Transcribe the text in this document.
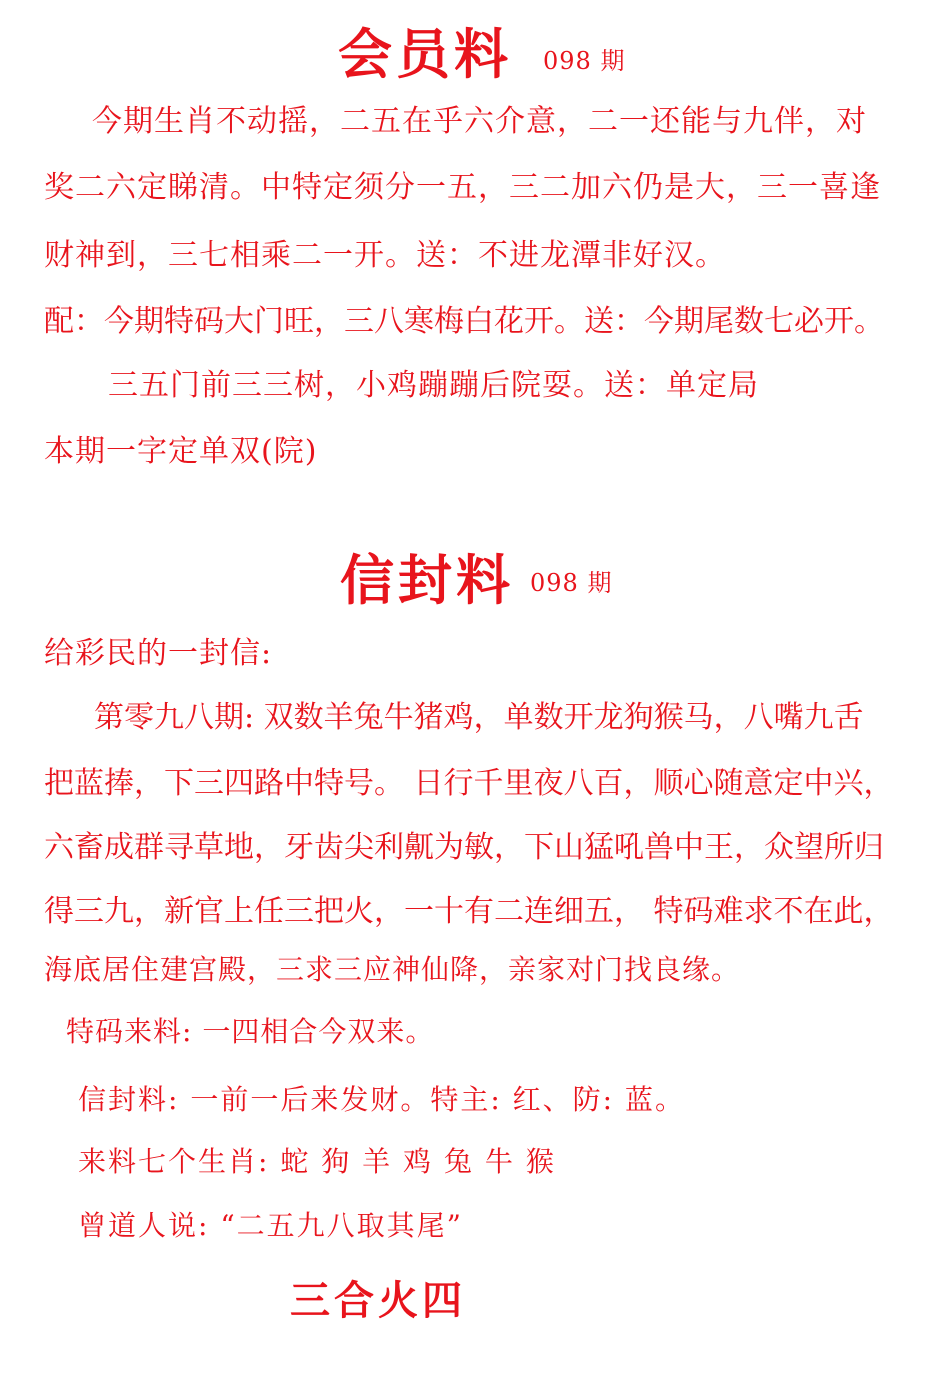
会员料 098 期
今期生肖不动摇，二五在乎六介意，二一还能与九伴，对
奖二六定睇清。中特定须分一五，三二加六仍是大，三一喜逢
财神到，三七相乘二一开。送：不进龙潭非好汉。
配：今期特码大门旺，三八寒梅白花开。送：今期尾数七必开。
三五门前三三树，小鸡蹦蹦后院耍。送：单定局
本期一字定单双(院)
信封料 098 期
给彩民的一封信:
第零九八期: 双数羊兔牛猪鸡，单数开龙狗猴马，八嘴九舌
把蓝捧，下三四路中特号。 日行千里夜八百，顺心随意定中兴，
六畜成群寻草地，牙齿尖利鼿为敏，下山猛吼兽中王，众望所归
得三九，新官上任三把火，一十有二连细五， 特码难求不在此，
海底居住建宫殿，三求三应神仙降，亲家对门找良缘。
特码来料: 一四相合今双来。
信封料: 一前一后来发财。特主: 红、防: 蓝。
来料七个生肖: 蛇 狗 羊 鸡 兔 牛 猴
曾道人说: “二五九八取其尾”
三合火四
